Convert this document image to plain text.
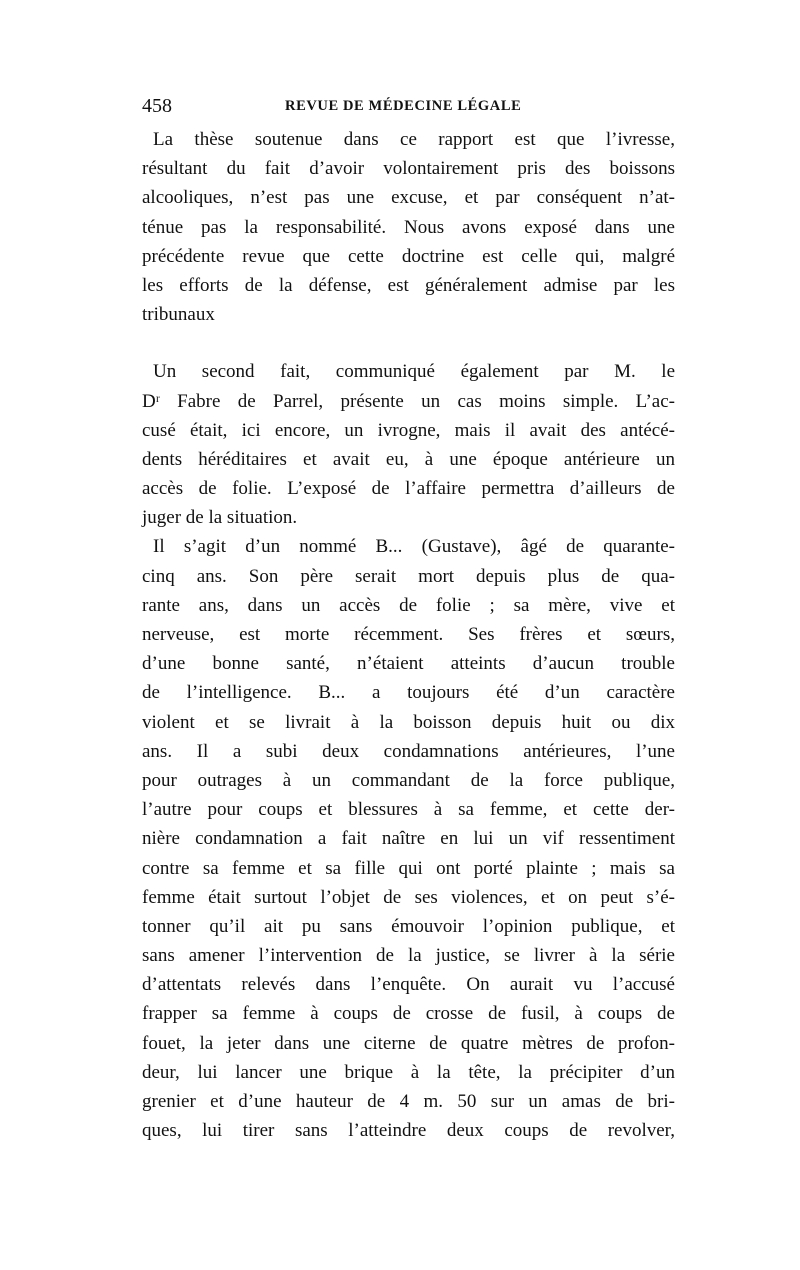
458	REVUE DE MÉDECINE LÉGALE
La thèse soutenue dans ce rapport est que l’ivresse,
résultant du fait d’avoir volontairement pris des boissons
alcooliques, n’est pas une excuse, et par conséquent n’at-
ténue pas la responsabilité. Nous avons exposé dans une
précédente revue que cette doctrine est celle qui, malgré
les efforts de la défense, est généralement admise par les
tribunaux
Un second fait, communiqué également par M. le
Dʳ Fabre de Parrel, présente un cas moins simple. L’ac-
cusé était, ici encore, un ivrogne, mais il avait des antécé-
dents héréditaires et avait eu, à une époque antérieure un
accès de folie. L’exposé de l’affaire permettra d’ailleurs de
juger de la situation.
Il s’agit d’un nommé B... (Gustave), âgé de quarante-
cinq ans. Son père serait mort depuis plus de qua-
rante ans, dans un accès de folie ; sa mère, vive et
nerveuse, est morte récemment. Ses frères et sœurs,
d’une bonne santé, n’étaient atteints d’aucun trouble
de l’intelligence. B... a toujours été d’un caractère
violent et se livrait à la boisson depuis huit ou dix
ans. Il a subi deux condamnations antérieures, l’une
pour outrages à un commandant de la force publique,
l’autre pour coups et blessures à sa femme, et cette der-
nière condamnation a fait naître en lui un vif ressentiment
contre sa femme et sa fille qui ont porté plainte ; mais sa
femme était surtout l’objet de ses violences, et on peut s’é-
tonner qu’il ait pu sans émouvoir l’opinion publique, et
sans amener l’intervention de la justice, se livrer à la série
d’attentats relevés dans l’enquête. On aurait vu l’accusé
frapper sa femme à coups de crosse de fusil, à coups de
fouet, la jeter dans une citerne de quatre mètres de profon-
deur, lui lancer une brique à la tête, la précipiter d’un
grenier et d’une hauteur de 4 m. 50 sur un amas de bri-
ques, lui tirer sans l’atteindre deux coups de revolver,
